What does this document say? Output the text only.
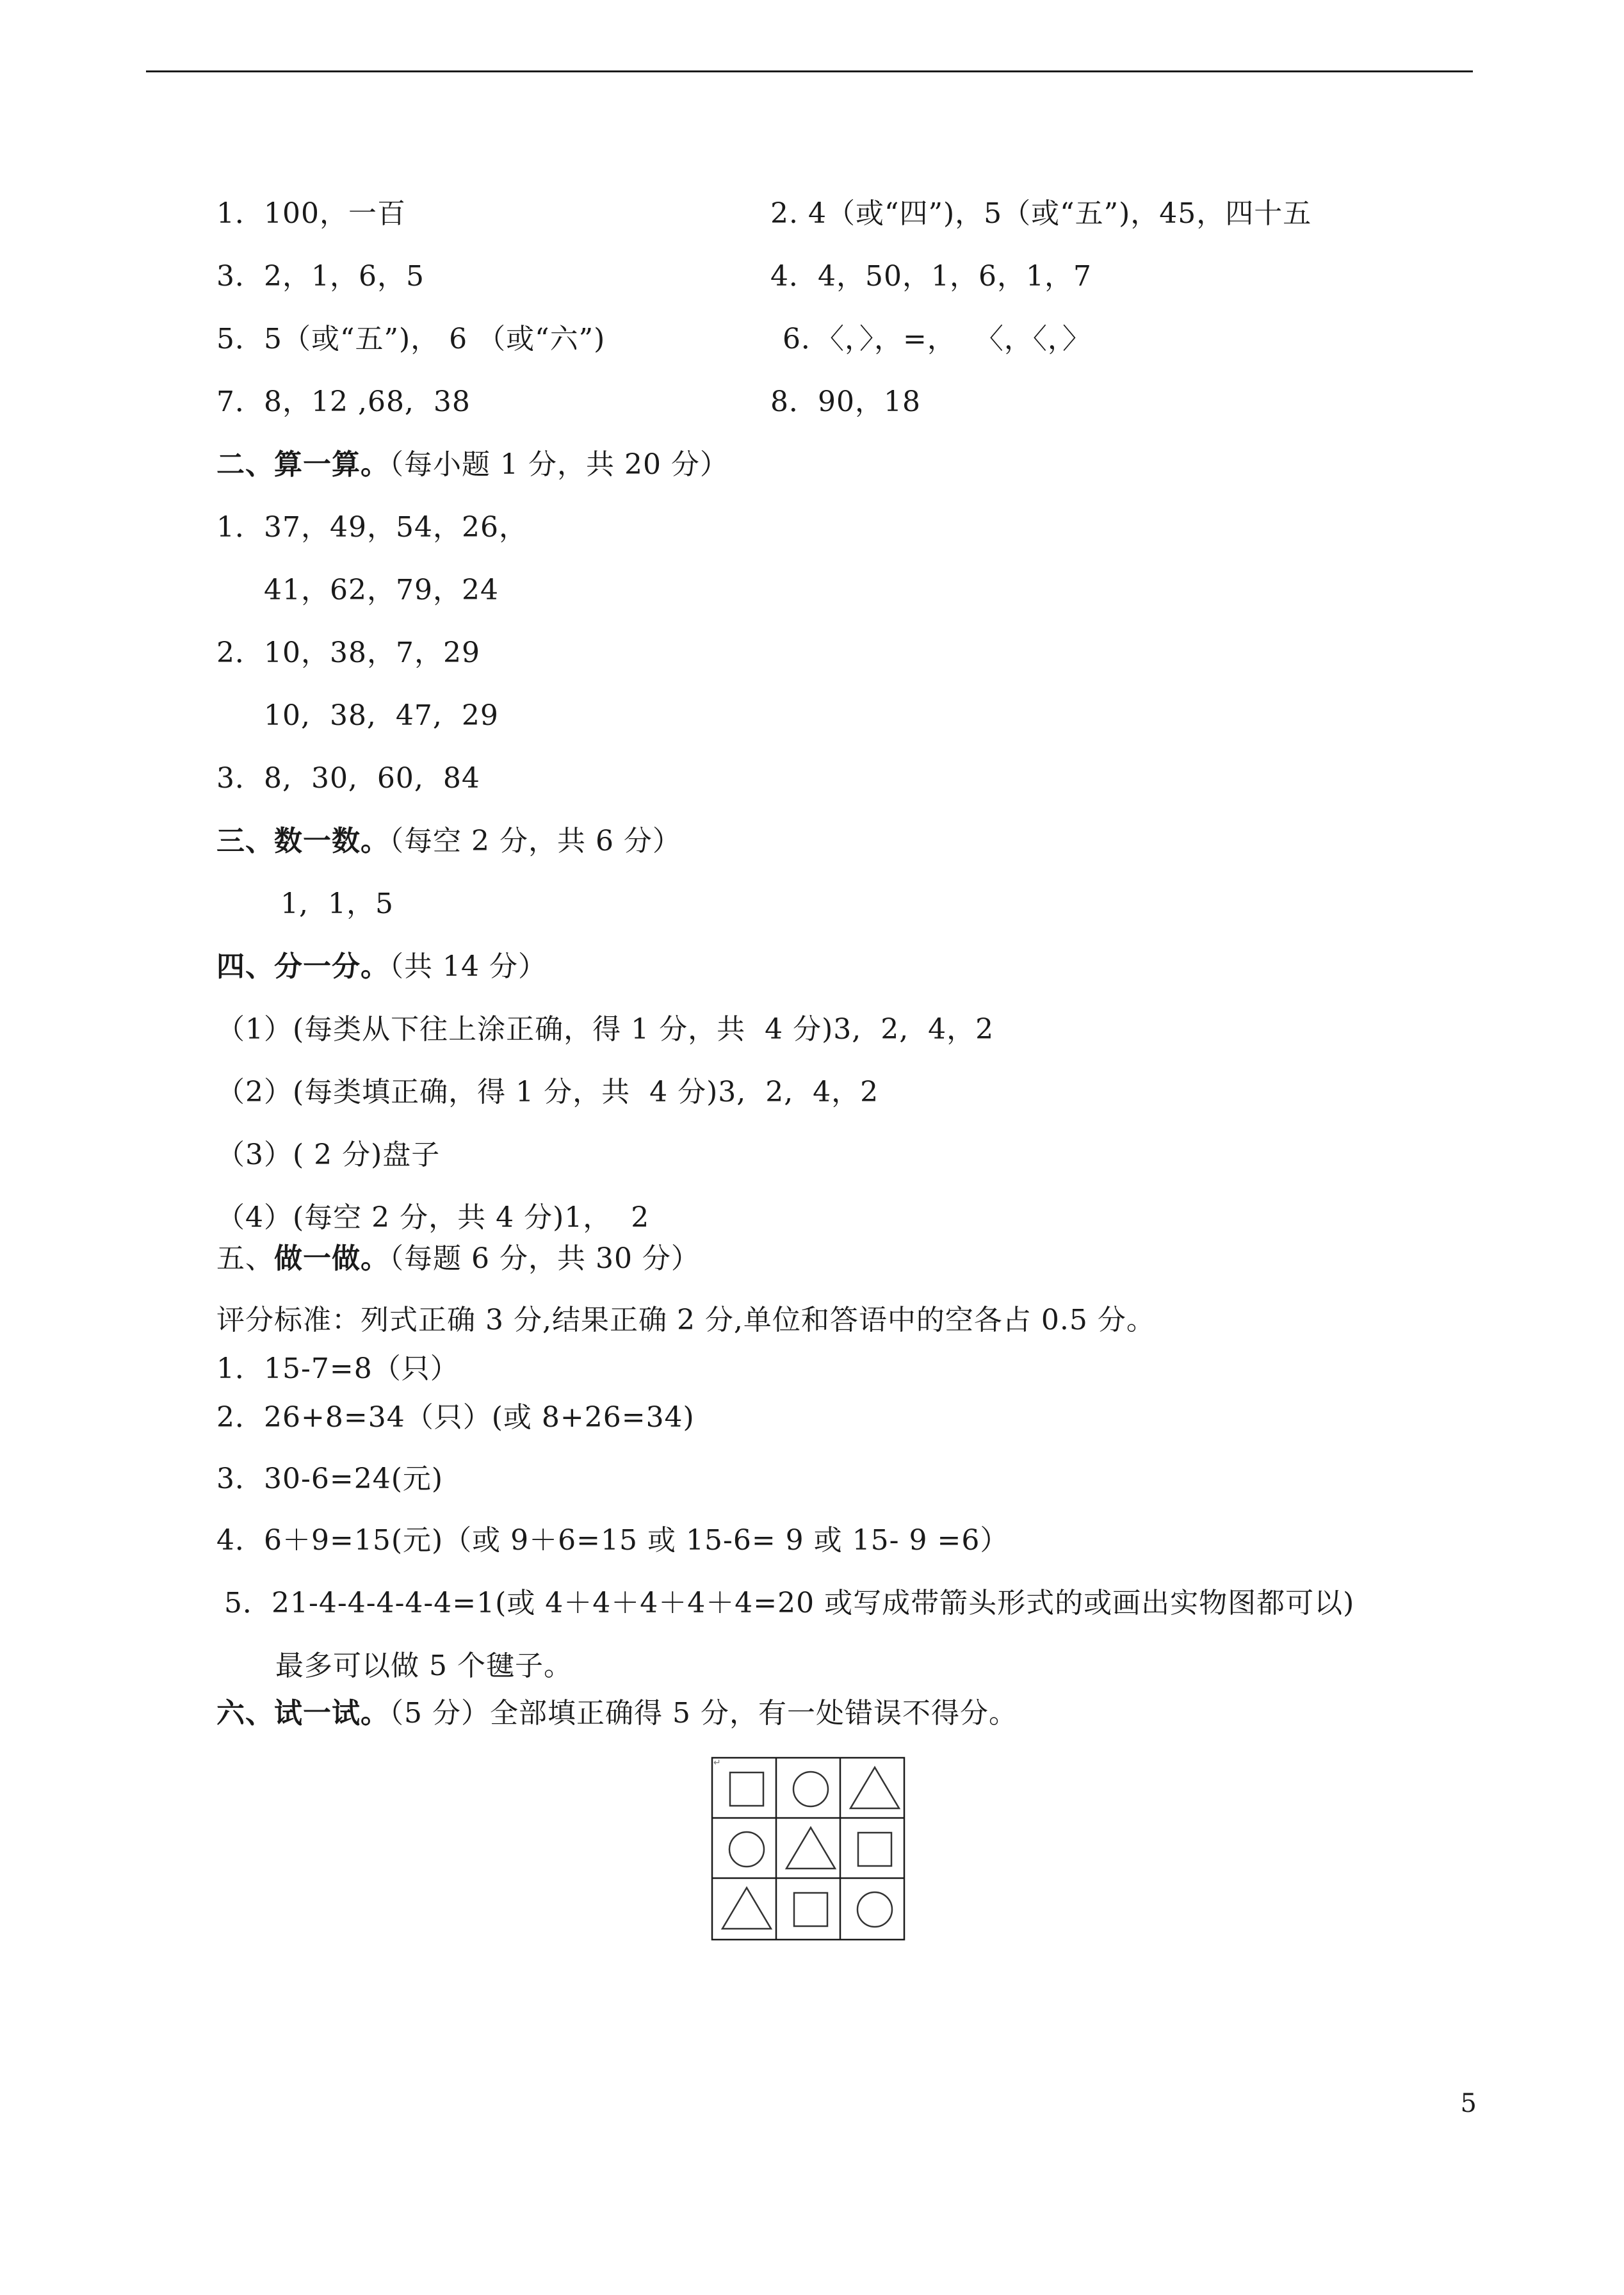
1．100，一百	2. 4（或“四”)，5（或“五”)，45，四十五
3．2，1，6，5	4．4，50，1，6，1，7
5．5（或“五”)， 6 （或“六”)	6．〈，〉，=，  〈，〈，〉
7．8，12 ,68,  38	8．90，18
二、算一算。（每小题 1 分，共 20 分）
1．37，49，54，26，
41，62，79，24
2．10，38，7，29
10,  38,  47,  29
3．8,  30,  60,  84
三、数一数。（每空 2 分，共 6 分）
1,  1，5
四、分一分。（共 14 分）
（1）(每类从下往上涂正确，得 1 分，共  4 分)3,  2,  4，2
（2）(每类填正确，得 1 分，共  4 分)3,  2,  4，2
（3）( 2 分)盘子
（4）(每空 2 分，共 4 分)1，  2
五、做一做。（每题 6 分，共 30 分）
评分标准：列式正确 3 分,结果正确 2 分,单位和答语中的空各占 0.5 分。
1．15-7=8（只）
2．26+8=34（只）(或 8+26=34)
3．30-6=24(元)
4．6＋9=15(元)（或 9＋6=15 或 15-6= 9 或 15- 9 =6）
5．21-4-4-4-4-4=1(或 4＋4＋4＋4＋4=20 或写成带箭头形式的或画出实物图都可以)
最多可以做 5 个毽子。
六、试一试。（5 分）全部填正确得 5 分，有一处错误不得分。
↵
5
